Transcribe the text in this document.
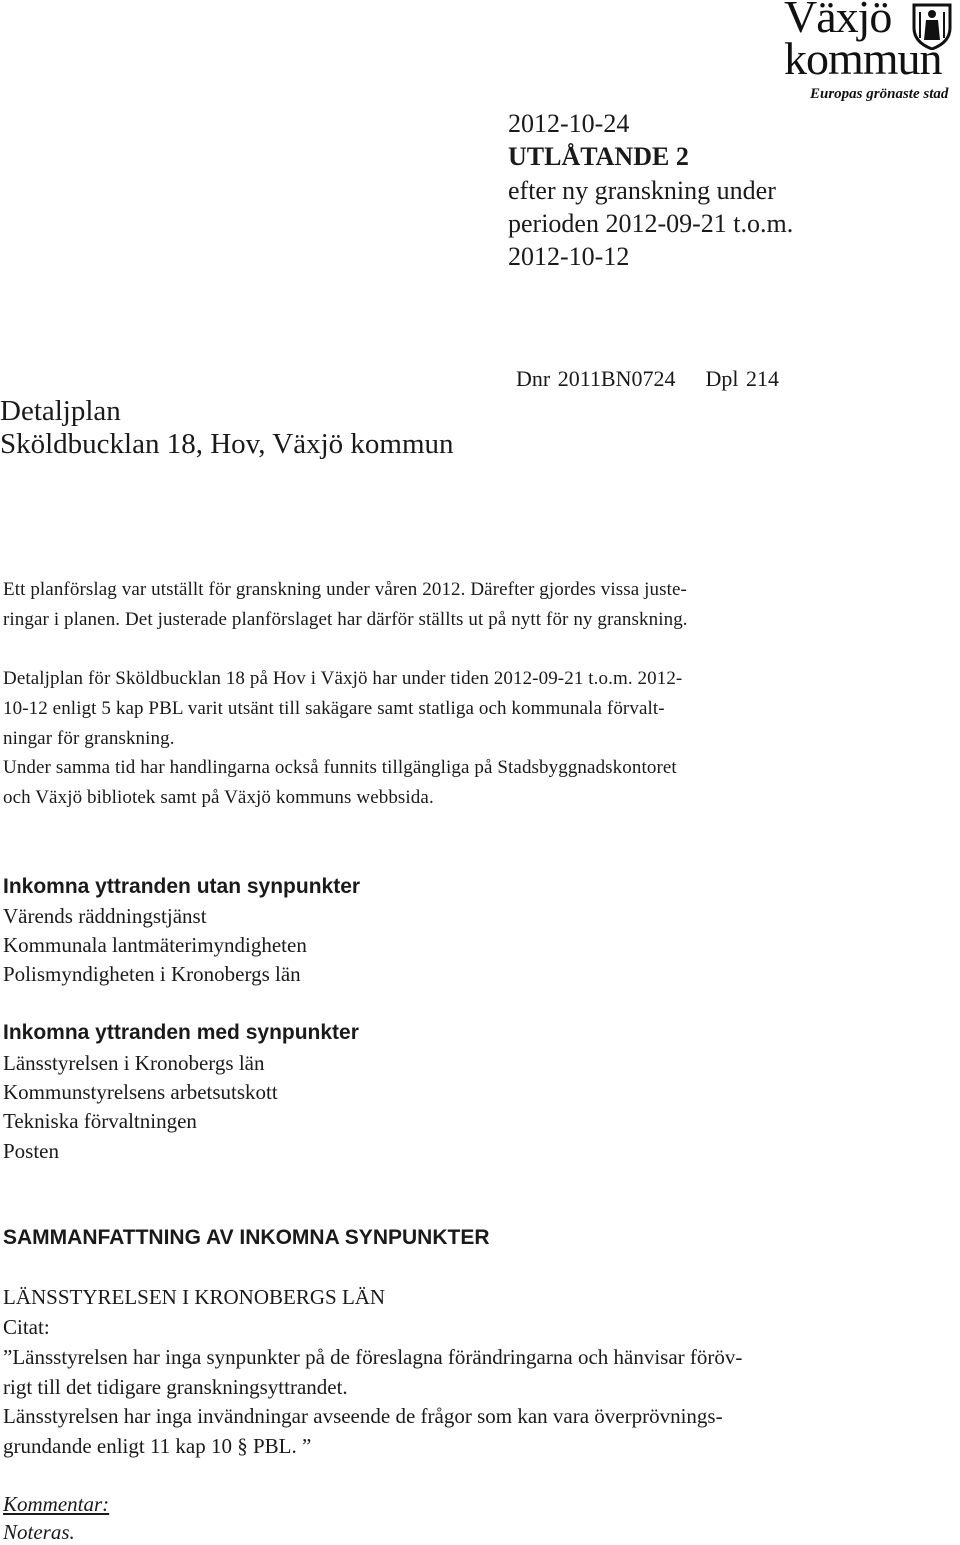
Växjö
kommun
Europas grönaste stad
2012-10-24
UTLÅTANDE 2
efter ny granskning under
perioden 2012-09-21 t.o.m.
2012-10-12
Dnr 2011BN0724 Dpl 214
Detaljplan
Sköldbucklan 18, Hov, Växjö kommun
Ett planförslag var utställt för granskning under våren 2012. Därefter gjordes vissa juste-
ringar i planen. Det justerade planförslaget har därför ställts ut på nytt för ny granskning.
Detaljplan för Sköldbucklan 18 på Hov i Växjö har under tiden 2012-09-21 t.o.m. 2012-
10-12 enligt 5 kap PBL varit utsänt till sakägare samt statliga och kommunala förvalt-
ningar för granskning.
Under samma tid har handlingarna också funnits tillgängliga på Stadsbyggnadskontoret
och Växjö bibliotek samt på Växjö kommuns webbsida.
Inkomna yttranden utan synpunkter
Värends räddningstjänst
Kommunala lantmäterimyndigheten
Polismyndigheten i Kronobergs län
Inkomna yttranden med synpunkter
Länsstyrelsen i Kronobergs län
Kommunstyrelsens arbetsutskott
Tekniska förvaltningen
Posten
SAMMANFATTNING AV INKOMNA SYNPUNKTER
LÄNSSTYRELSEN I KRONOBERGS LÄN
Citat:
”Länsstyrelsen har inga synpunkter på de föreslagna förändringarna och hänvisar föröv-
rigt till det tidigare granskningsyttrandet.
Länsstyrelsen har inga invändningar avseende de frågor som kan vara överprövnings-
grundande enligt 11 kap 10 § PBL. ”
Kommentar:
Noteras.
